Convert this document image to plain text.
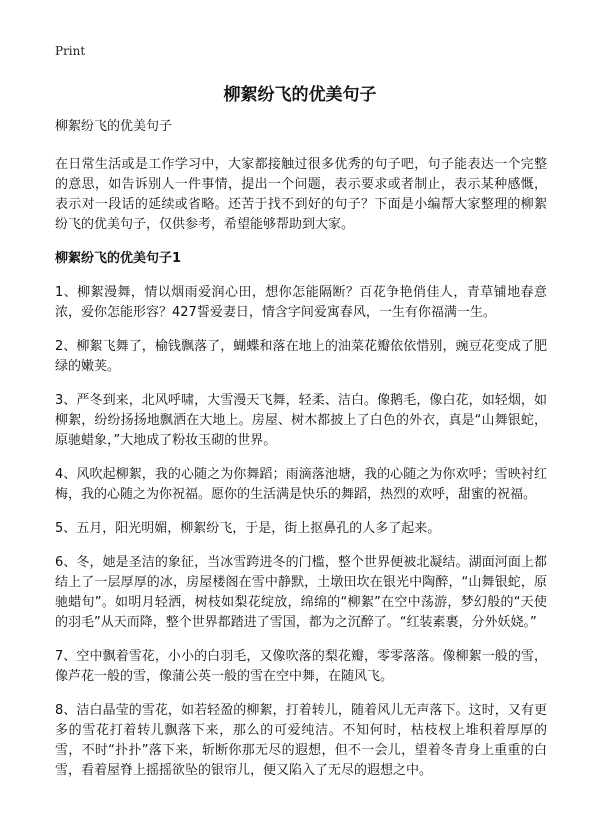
Print
柳絮纷飞的优美句子

柳絮纷飞的优美句子

在日常生活或是工作学习中，大家都接触过很多优秀的句子吧，句子能表达一个完整的意思，如告诉别人一件事情，提出一个问题，表示要求或者制止，表示某种感慨，表示对一段话的延续或省略。还苦于找不到好的句子？下面是小编帮大家整理的柳絮纷飞的优美句子，仅供参考，希望能够帮助到大家。

柳絮纷飞的优美句子1

1、柳絮漫舞，情以烟雨爱润心田，想你怎能隔断？百花争艳俏佳人，青草铺地春意浓，爱你怎能形容？427誓爱妻日，情含字间爱寓春风，一生有你福满一生。

2、柳絮飞舞了，榆钱飘落了，蝴蝶和落在地上的油菜花瓣依依惜别，豌豆花变成了肥绿的嫩荚。

3、严冬到来，北风呼啸，大雪漫天飞舞，轻柔、洁白。像鹅毛，像白花，如轻烟，如柳絮，纷纷扬扬地飘洒在大地上。房屋、树木都披上了白色的外衣，真是“山舞银蛇，原驰蜡象，”大地成了粉妆玉砌的世界。

4、风吹起柳絮，我的心随之为你舞蹈；雨滴落池塘，我的心随之为你欢呼；雪映衬红梅，我的心随之为你祝福。愿你的生活满是快乐的舞蹈，热烈的欢呼，甜蜜的祝福。

5、五月，阳光明媚，柳絮纷飞，于是，街上抠鼻孔的人多了起来。

6、冬，她是圣洁的象征，当冰雪跨进冬的门槛，整个世界便被北凝结。湖面河面上都结上了一层厚厚的冰，房屋楼阁在雪中静默，土墩田坎在银光中陶醉，“山舞银蛇，原驰蜡旬”。如明月轻洒，树枝如梨花绽放，绵绵的“柳絮”在空中荡游，梦幻般的“天使的羽毛”从天而降，整个世界都踏进了雪国，都为之沉醉了。“红装素裹，分外妖娆。”

7、空中飘着雪花，小小的白羽毛，又像吹落的梨花瓣，零零落落。像柳絮一般的雪，像芦花一般的雪，像蒲公英一般的雪在空中舞，在随风飞。

8、洁白晶莹的雪花，如若轻盈的柳絮，打着转儿，随着风儿无声落下。这时，又有更多的雪花打着转儿飘落下来，那么的可爱纯洁。不知何时，枯枝杈上堆积着厚厚的雪，不时“扑扑”落下来，斩断你那无尽的遐想，但不一会儿，望着冬青身上重重的白雪，看着屋脊上摇摇欲坠的银帘儿，便又陷入了无尽的遐想之中。
